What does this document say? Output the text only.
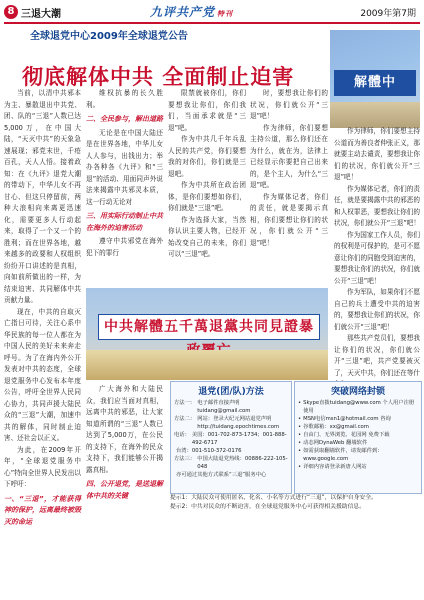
8 三退大潮	九评共产党 特刊	2009年第7期
全球退党中心2009年全球退党公告
彻底解体中共 全面制止迫害	解體中

当前，以清中共邪本为主、暴散退出中共党、团、队的“三退”人数已达5,000万，在中国大陆，“天灭中共”的天象急速展现；邪党末世，千疮百孔，天人人悟。接着政知：在《九评》退党大潮的带动下，中华儿女不再甘心、但这只停留前，两种大浪相向来离更迅速化，需要更多人行动起来，取得了一个又一个的胜利；而在世界各地，越来越多的政要和人权组织纷纷开口讲述的是真相，向如前所做出的一样，为结束迫害、共同解体中共贡献力量。

现在，中共的自取灭亡指日可待，关注心系中华民族的每一位人都在为中国人民的美好未来奔走呼号。为了在海内外公开发表对中共的态度，全球退党服务中心发布本年度公告，呼吁全世界人民同心协力，共同声援大陆民众的“三退”大潮，加速中共的解体，同时制止迫害、还社会以正义。

为此，在2009年开年，“全球退党服务中心”特向全世界人民发出以下呼吁：

一、“三退”，才能获得神的保护，远离最终被毁灭的命运

维权抗暴的长久胜利。

二、全民参与，解出道路

无论是在中国大陆还是在世界各地，中华儿女人人参与，出钱出力；举办各种各《九评》和“三退”的活动、用面同声外说法来揭露中共邪灵本质，这一行动无论对

三、用实际行动制止中共在海外的迫害活动

遵守中共邪党在海外犯下的罪行

限禁就被你们，你们要想我让你们，你们我们，当面承求就是“三退”吧。

作为中共几千年兵乱人民的共产党，你们要想我的对你们，你们就是三退吧。

作为中共所在政治团体，是你们要想如你们，你们就是“三退”吧。

作为选择大家，当然你认识主要人物，已经开始改变自己的未来，你们可以“三退”吧。

时，要想我让你们的状况，你们就公开“三退”吧！

作为律师，你们要想主持公道，那么你们还在为什么，就在为，法律上已经显示你要把自己出来的，是个主人，为什么“三退”吧。

作为媒体记者，你们的责任，就是要揭示真相，你们要想让你们的状况，你们就公开“三退”吧！

作为律师，你们要想主持公道而为善良者伸张正义，那就要主动去谴责，要想我让你们的状况，你们就公开“三退”吧！

作为媒体记者，你们的责任，就是要揭露中共的邪恶的和人权罪恶，要想我让你们的状况，你们就公开“三退”吧！

作为国家工作人员，你们的权利是可保护的，是可不愿意让你们的同胞受到迫害的，要想我让你们的状况，你们就公开“三退”吧！

作为军队，如果你们不愿自己的兵士遭受中共的迫害的，要想我让你们的状况，你们就公开“三退”吧！

那些共产党员们，要想我让你们的状况，你们就公开“三退”吧，共产党要被灭了，天灭中共，你们还在等什

中共解體五千萬退黨共同見證暴

广大海外和大陆民众，我们应当面对真相，远离中共的邪恶，让大家知道所谓的“三退”人数已达到了5,000万，在公民的支持下，在海外的民众支持下，我们能够公开揭露真相。

四、公开退党，是送退解体中共的关键

退党(团/队)方法
方法一： 电子邮件直接声明 tuidang@gmail.com
方法二： 网站：登录大纪元网站退党声明 http://tuidang.epochtimes.com
电话： 美国：001-702-873-1734；001-888-492-6717
台湾：001-510-372-0176
方法三： 中国大陆退党热线：00886-222-105-048
亦可通过其他方式联系“三退”服务中心
突破网络封锁
• Skype直拨tuidang@www.com 个人用户注册使用
• MSN电信msn1@hotmail.com 咨询
• 谷歌邮箱：xx@gmail.com
• 自由门、无界浏览、花园网 免费下载
• 动态网DynaWeb 翻墙软件
• 如需获取翻墙软件，请发邮件到：www.google.com
• 详细内容请登录新唐人网站

提示1：大陆民众可使用匿名、化名、小名等方式进行“三退”，以保护自身安全。

提示2：中共对民众的不断迫害，在全球退党服务中心可获得相关援助信息。
